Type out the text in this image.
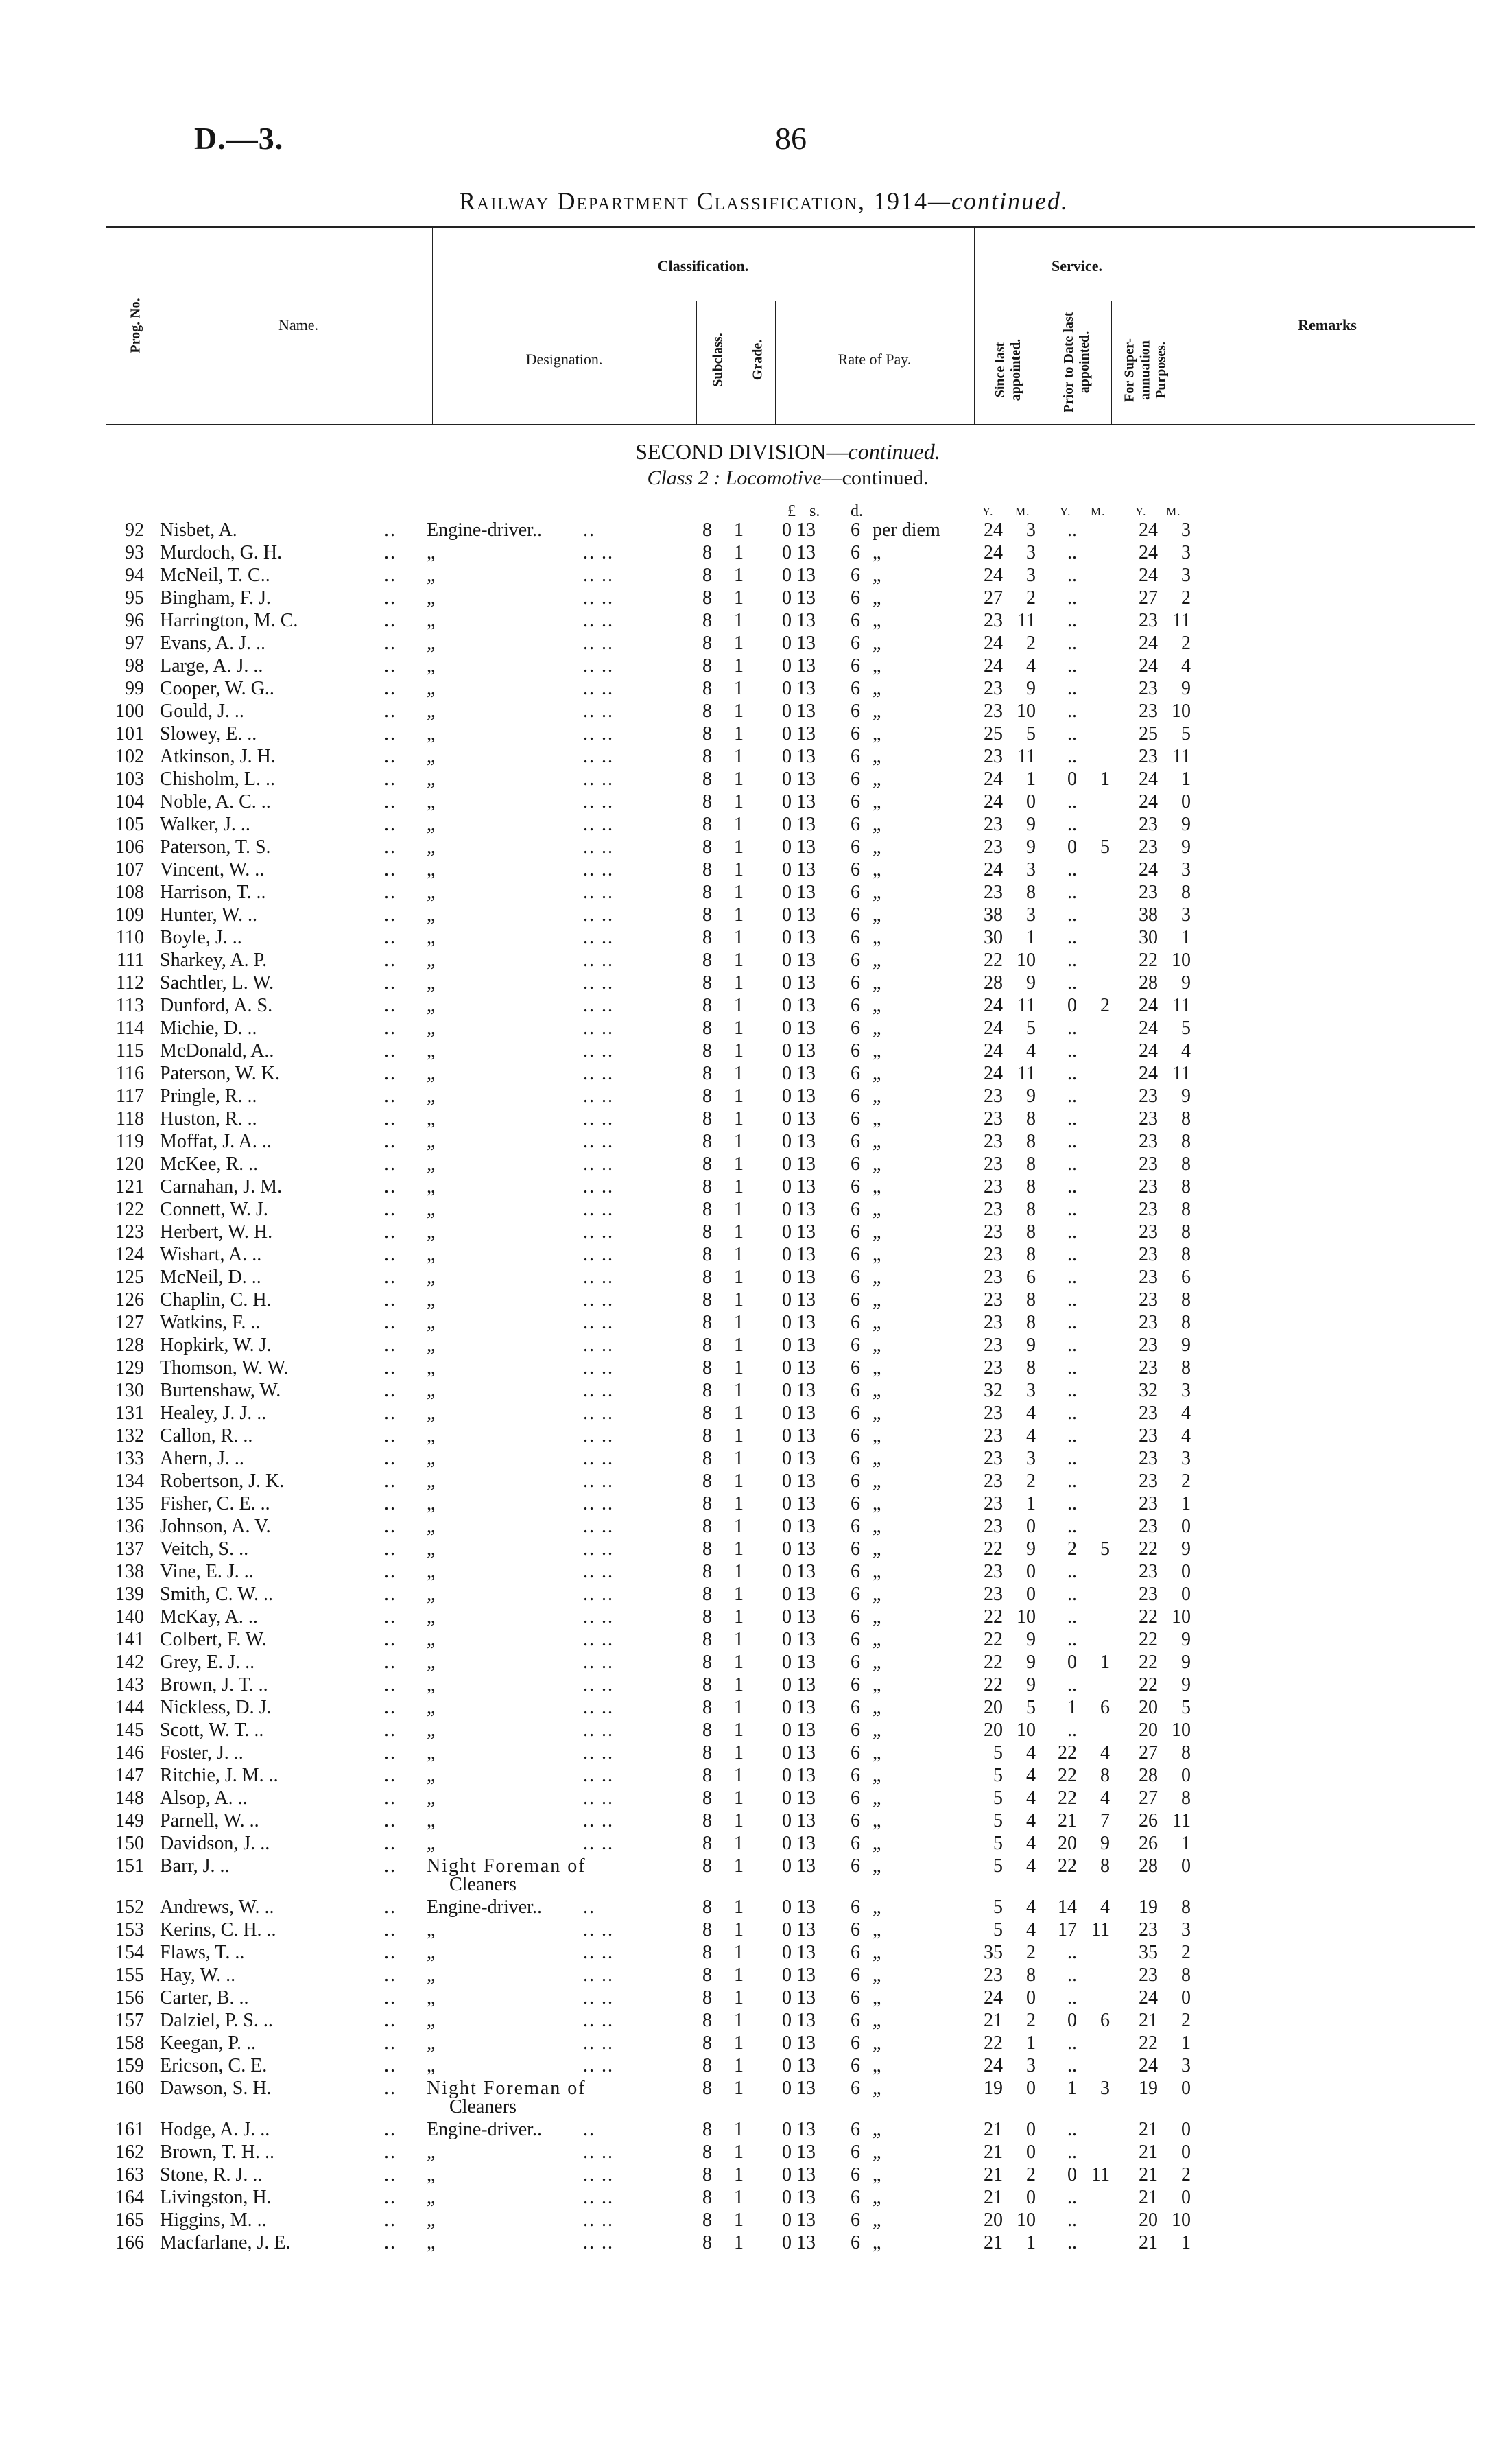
D.—3.	86
Railway Department Classification, 1914—continued.
Prog. No.	Name.
Classification.
Designation.	Subclass. Grade.	Rate of Pay.
Service.
Since last appointed.	Prior to Date last appointed. For Super-annuation Purposes.
Remarks
SECOND DIVISION—continued.
Class 2 : Locomotive—continued.
£ s. d.	Y. M.	Y. M.	Y. M.
92 Nisbet, A.	..	Engine-driver..	..	8 1 0 13	6 per diem	24	3	..	24	3
93 Murdoch, G. H.	..	„	.. ..	8 1 0 13	6 „	24	3	..	24	3
94 McNeil, T. C..	..	„	.. ..	8 1 0 13	6 „	24	3	..	24	3
95 Bingham, F. J.	..	„	.. ..	8 1 0 13	6 „	27	2	..	27	2
96 Harrington, M. C.	..	„	.. ..	8 1 0 13	6 „	23 11	..	23 11
97 Evans, A. J. ..	..	„	.. ..	8 1 0 13	6 „	24	2	..	24	2
98 Large, A. J. ..	..	„	.. ..	8 1 0 13	6 „	24	4	..	24	4
99 Cooper, W. G..	..	„	.. ..	8 1 0 13	6 „	23	9	..	23	9
100 Gould, J. ..	..	„	.. ..	8 1 0 13	6 „	23 10	..	23 10
101 Slowey, E. ..	..	„	.. ..	8 1 0 13	6 „	25	5	..	25	5
102 Atkinson, J. H.	..	„	.. ..	8 1 0 13	6 „	23 11	..	23 11
103 Chisholm, L. ..	..	„	.. ..	8 1 0 13	6 „	24	1	0	1	24	1
104 Noble, A. C. ..	..	„	.. ..	8 1 0 13	6 „	24	0	..	24	0
105 Walker, J. ..	..	„	.. ..	8 1 0 13	6 „	23	9	..	23	9
106 Paterson, T. S.	..	„	.. ..	8 1 0 13	6 „	23	9	0	5	23	9
107 Vincent, W. ..	..	„	.. ..	8 1 0 13	6 „	24	3	..	24	3
108 Harrison, T. ..	..	„	.. ..	8 1 0 13	6 „	23	8	..	23	8
109 Hunter, W. ..	..	„	.. ..	8 1 0 13	6 „	38	3	..	38	3
110 Boyle, J. ..	..	„	.. ..	8 1 0 13	6 „	30	1	..	30	1
111 Sharkey, A. P.	..	„	.. ..	8 1 0 13	6 „	22 10	..	22 10
112 Sachtler, L. W.	..	„	.. ..	8 1 0 13	6 „	28	9	..	28	9
113 Dunford, A. S.	..	„	.. ..	8 1 0 13	6 „	24 11	0	2	24 11
114 Michie, D. ..	..	„	.. ..	8 1 0 13	6 „	24	5	..	24	5
115 McDonald, A..	..	„	.. ..	8 1 0 13	6 „	24	4	..	24	4
116 Paterson, W. K.	..	„	.. ..	8 1 0 13	6 „	24 11	..	24 11
117 Pringle, R. ..	..	„	.. ..	8 1 0 13	6 „	23	9	..	23	9
118 Huston, R. ..	..	„	.. ..	8 1 0 13	6 „	23	8	..	23	8
119 Moffat, J. A. ..	..	„	.. ..	8 1 0 13	6 „	23	8	..	23	8
120 McKee, R. ..	..	„	.. ..	8 1 0 13	6 „	23	8	..	23	8
121 Carnahan, J. M.	..	„	.. ..	8 1 0 13	6 „	23	8	..	23	8
122 Connett, W. J.	..	„	.. ..	8 1 0 13	6 „	23	8	..	23	8
123 Herbert, W. H.	..	„	.. ..	8 1 0 13	6 „	23	8	..	23	8
124 Wishart, A. ..	..	„	.. ..	8 1 0 13	6 „	23	8	..	23	8
125 McNeil, D. ..	..	„	.. ..	8 1 0 13	6 „	23	6	..	23	6
126 Chaplin, C. H.	..	„	.. ..	8 1 0 13	6 „	23	8	..	23	8
127 Watkins, F. ..	..	„	.. ..	8 1 0 13	6 „	23	8	..	23	8
128 Hopkirk, W. J.	..	„	.. ..	8 1 0 13	6 „	23	9	..	23	9
129 Thomson, W. W.	..	„	.. ..	8 1 0 13	6 „	23	8	..	23	8
130 Burtenshaw, W.	..	„	.. ..	8 1 0 13	6 „	32	3	..	32	3
131 Healey, J. J. ..	..	„	.. ..	8 1 0 13	6 „	23	4	..	23	4
132 Callon, R. ..	..	„	.. ..	8 1 0 13	6 „	23	4	..	23	4
133 Ahern, J. ..	..	„	.. ..	8 1 0 13	6 „	23	3	..	23	3
134 Robertson, J. K.	..	„	.. ..	8 1 0 13	6 „	23	2	..	23	2
135 Fisher, C. E. ..	..	„	.. ..	8 1 0 13	6 „	23	1	..	23	1
136 Johnson, A. V.	..	„	.. ..	8 1 0 13	6 „	23	0	..	23	0
137 Veitch, S. ..	..	„	.. ..	8 1 0 13	6 „	22	9	2	5	22	9
138 Vine, E. J. ..	..	„	.. ..	8 1 0 13	6 „	23	0	..	23	0
139 Smith, C. W. ..	..	„	.. ..	8 1 0 13	6 „	23	0	..	23	0
140 McKay, A. ..	..	„	.. ..	8 1 0 13	6 „	22 10	..	22 10
141 Colbert, F. W.	..	„	.. ..	8 1 0 13	6 „	22	9	..	22	9
142 Grey, E. J. ..	..	„	.. ..	8 1 0 13	6 „	22	9	0	1	22	9
143 Brown, J. T. ..	..	„	.. ..	8 1 0 13	6 „	22	9	..	22	9
144 Nickless, D. J.	..	„	.. ..	8 1 0 13	6 „	20	5	1	6	20	5
145 Scott, W. T. ..	..	„	.. ..	8 1 0 13	6 „	20 10	..	20 10
146 Foster, J. ..	..	„	.. ..	8 1 0 13	6 „	5	4	22	4	27	8
147 Ritchie, J. M. ..	..	„	.. ..	8 1 0 13	6 „	5	4	22	8	28	0
148 Alsop, A. ..	..	„	.. ..	8 1 0 13	6 „	5	4	22	4	27	8
149 Parnell, W. ..	..	„	.. ..	8 1 0 13	6 „	5	4	21	7	26 11
150 Davidson, J. ..	..	„	.. ..	8 1 0 13	6 „	5	4	20	9	26	1
151 Barr, J. ..	..	Night Foreman of	8 1 0 13	6 „	5	4	22	8	28	0
Cleaners
152 Andrews, W. ..	..	Engine-driver..	..	8 1 0 13	6 „	5	4	14	4	19	8
153 Kerins, C. H. ..	..	„	.. ..	8 1 0 13	6 „	5	4	17 11	23	3
154 Flaws, T. ..	..	„	.. ..	8 1 0 13	6 „	35	2	..	35	2
155 Hay, W. ..	..	„	.. ..	8 1 0 13	6 „	23	8	..	23	8
156 Carter, B. ..	..	„	.. ..	8 1 0 13	6 „	24	0	..	24	0
157 Dalziel, P. S. ..	..	„	.. ..	8 1 0 13	6 „	21	2	0	6	21	2
158 Keegan, P. ..	..	„	.. ..	8 1 0 13	6 „	22	1	..	22	1
159 Ericson, C. E.	..	„	.. ..	8 1 0 13	6 „	24	3	..	24	3
160 Dawson, S. H.	..	Night Foreman of	8 1 0 13	6 „	19	0	1	3	19	0
Cleaners
161 Hodge, A. J. ..	..	Engine-driver..	..	8 1 0 13	6 „	21	0	..	21	0
162 Brown, T. H. ..	..	„	.. ..	8 1 0 13	6 „	21	0	..	21	0
163 Stone, R. J. ..	..	„	.. ..	8 1 0 13	6 „	21	2	0 11	21	2
164 Livingston, H.	..	„	.. ..	8 1 0 13	6 „	21	0	..	21	0
165 Higgins, M. ..	..	„	.. ..	8 1 0 13	6 „	20 10	..	20 10
166 Macfarlane, J. E.	..	„	.. ..	8 1 0 13	6 „	21	1	..	21	1
